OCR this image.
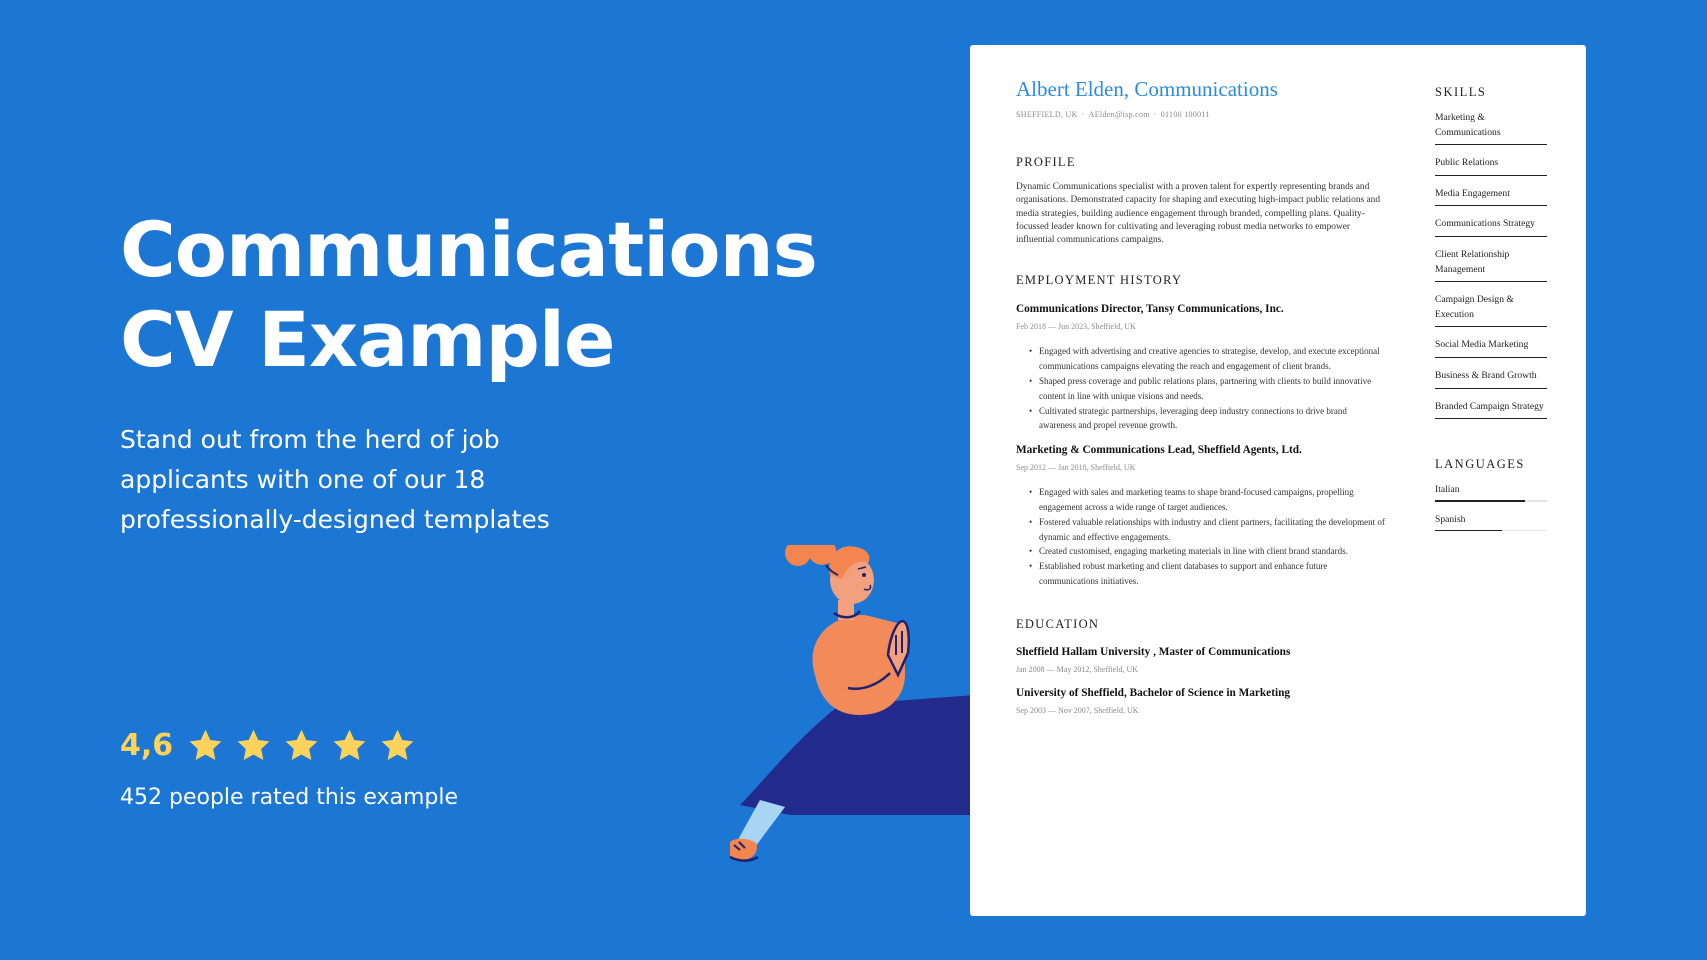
Communications CV Example

Stand out from the herd of job applicants with one of our 18 professionally-designed templates

4,6
452 people rated this example
Albert Elden, Communications
SHEFFIELD, UK · AElden@isp.com · 01100 100011
PROFILE

Dynamic Communications specialist with a proven talent for expertly representing brands and organisations. Demonstrated capacity for shaping and executing high-impact public relations and media strategies, building audience engagement through branded, compelling plans. Quality-focussed leader known for cultivating and leveraging robust media networks to empower influential communications campaigns.

EMPLOYMENT HISTORY
Communications Director, Tansy Communications, Inc.
Feb 2018 — Jun 2023, Sheffield, UK
• Engaged with advertising and creative agencies to strategise, develop, and execute exceptional communications campaigns elevating the reach and engagement of client brands.
• Shaped press coverage and public relations plans, partnering with clients to build innovative content in line with unique visions and needs.
• Cultivated strategic partnerships, leveraging deep industry connections to drive brand awareness and propel revenue growth.
Marketing & Communications Lead, Sheffield Agents, Ltd.
Sep 2012 — Jan 2018, Sheffield, UK
• Engaged with sales and marketing teams to shape brand-focused campaigns, propelling engagement across a wide range of target audiences.
• Fostered valuable relationships with industry and client partners, facilitating the development of dynamic and effective engagements.
• Created customised, engaging marketing materials in line with client brand standards.
• Established robust marketing and client databases to support and enhance future communications initiatives.
EDUCATION
Sheffield Hallam University , Master of Communications
Jan 2008 — May 2012, Sheffield, UK
University of Sheffield, Bachelor of Science in Marketing
Sep 2003 — Nov 2007, Sheffield, UK
SKILLS
Marketing & Communications
Public Relations
Media Engagement
Communications Strategy
Client Relationship Management
Campaign Design & Execution
Social Media Marketing
Business & Brand Growth
Branded Campaign Strategy
LANGUAGES
Italian
Spanish
